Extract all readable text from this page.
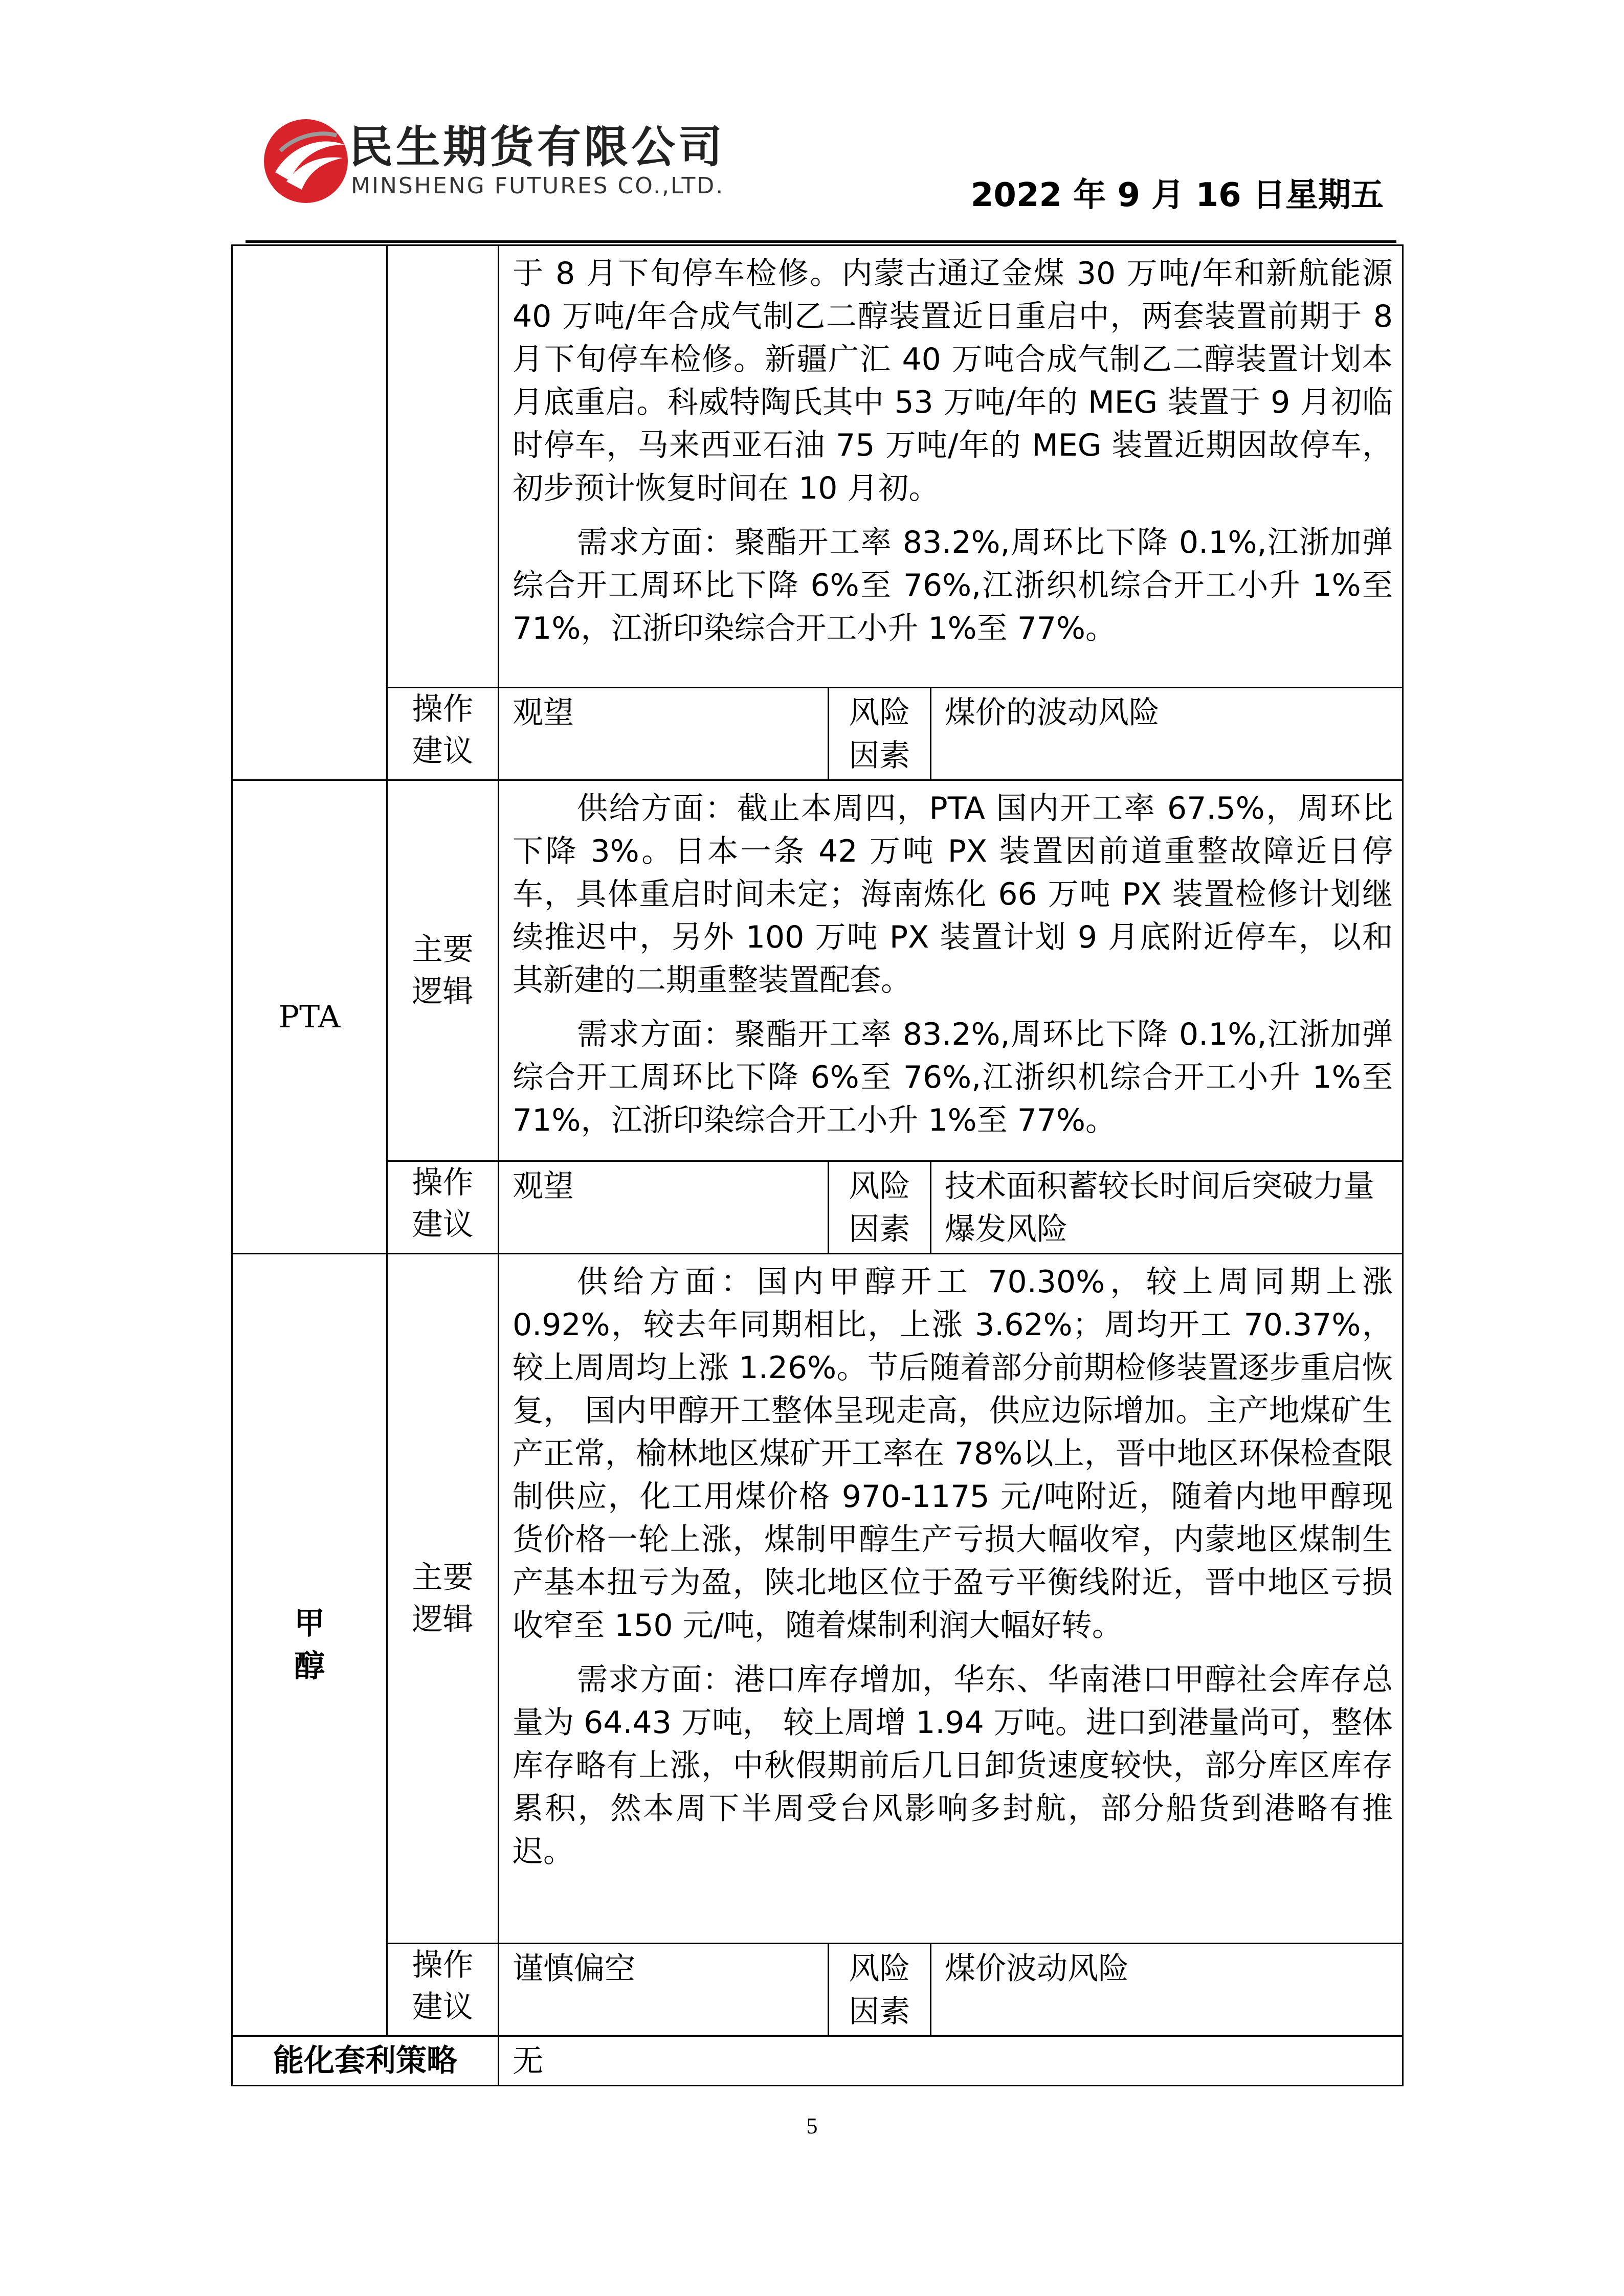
民生期货有限公司
MINSHENG FUTURES CO.,LTD.	2022 年 9 月 16 日星期五

		于 8 月下旬停车检修。内蒙古通辽金煤 30 万吨/年和新航能源 40 万吨/年合成气制乙二醇装置近日重启中，两套装置前期于 8 月下旬停车检修。新疆广汇 40 万吨合成气制乙二醇装置计划本月底重启。科威特陶氏其中 53 万吨/年的 MEG 装置于 9 月初临时停车，马来西亚石油 75 万吨/年的 MEG 装置近期因故停车，初步预计恢复时间在 10 月初。

需求方面：聚酯开工率 83.2%,周环比下降 0.1%,江浙加弹综合开工周环比下降 6%至 76%,江浙织机综合开工小升 1%至 71%，江浙印染综合开工小升 1%至 77%。		

	操作建议	观望	风险因素	煤价的波动风险
PTA	主要逻辑	供给方面：截止本周四，PTA 国内开工率 67.5%，周环比下降 3%。日本一条 42 万吨 PX 装置因前道重整故障近日停车，具体重启时间未定；海南炼化 66 万吨 PX 装置检修计划继续推迟中，另外 100 万吨 PX 装置计划 9 月底附近停车，以和其新建的二期重整装置配套。

需求方面：聚酯开工率 83.2%,周环比下降 0.1%,江浙加弹综合开工周环比下降 6%至 76%,江浙织机综合开工小升 1%至 71%，江浙印染综合开工小升 1%至 77%。		

	操作建议	观望	风险因素	技术面积蓄较长时间后突破力量爆发风险

甲醇	主要逻辑	供给方面：国内甲醇开工 70.30%，较上周同期上涨 0.92%，较去年同期相比，上涨 3.62%；周均开工 70.37%，较上周周均上涨 1.26%。节后随着部分前期检修装置逐步重启恢复， 国内甲醇开工整体呈现走高，供应边际增加。主产地煤矿生产正常，榆林地区煤矿开工率在 78%以上，晋中地区环保检查限制供应，化工用煤价格 970-1175 元/吨附近，随着内地甲醇现货价格一轮上涨，煤制甲醇生产亏损大幅收窄，内蒙地区煤制生产基本扭亏为盈，陕北地区位于盈亏平衡线附近，晋中地区亏损收窄至 150 元/吨，随着煤制利润大幅好转。

需求方面：港口库存增加，华东、华南港口甲醇社会库存总量为 64.43 万吨， 较上周增 1.94 万吨。进口到港量尚可，整体库存略有上涨，中秋假期前后几日卸货速度较快，部分库区库存累积，然本周下半周受台风影响多封航，部分船货到港略有推迟。		

	操作建议	谨慎偏空	风险因素	煤价波动风险
能化套利策略		无		
5
